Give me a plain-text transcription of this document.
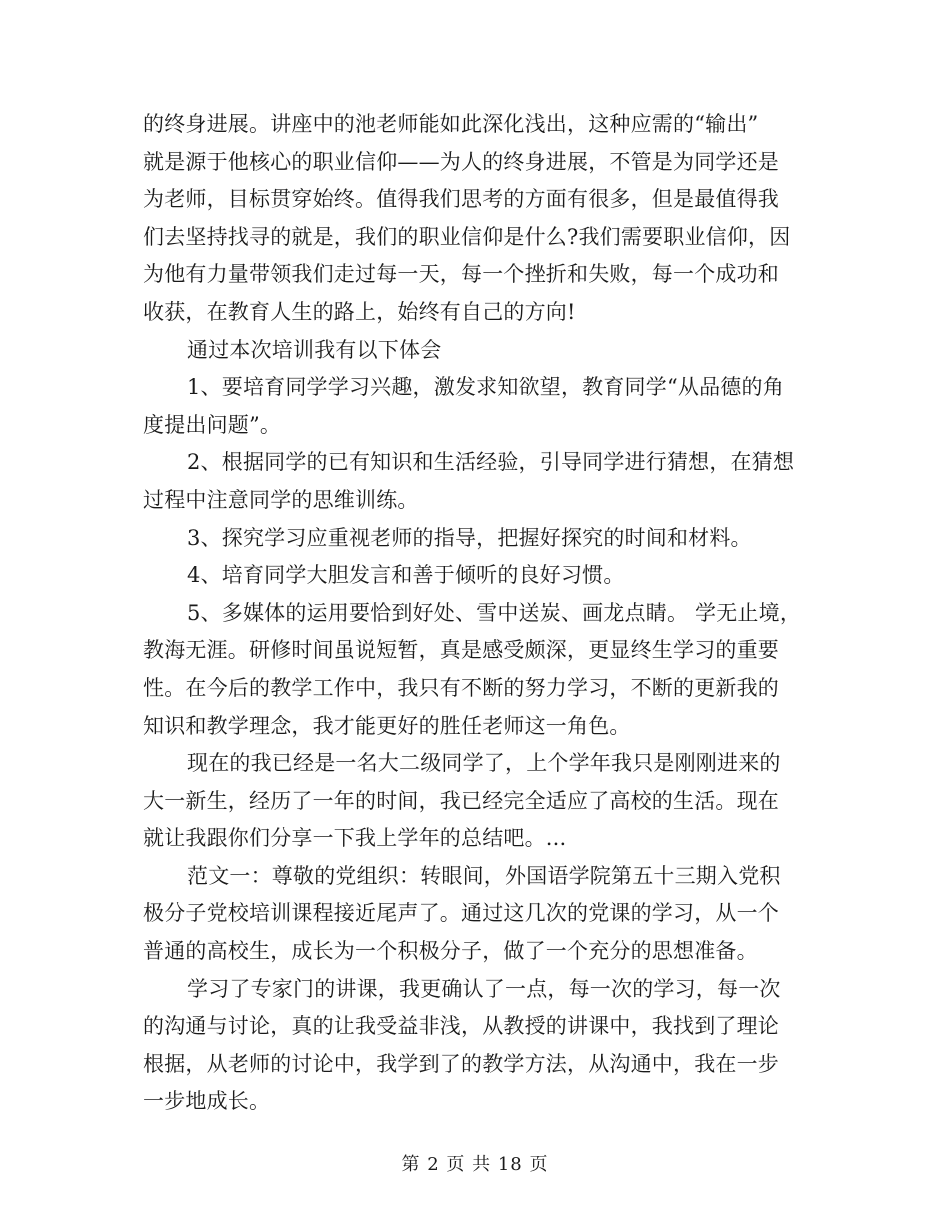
的终身进展。讲座中的池老师能如此深化浅出，这种应需的“输出”
就是源于他核心的职业信仰——为人的终身进展，不管是为同学还是
为老师，目标贯穿始终。值得我们思考的方面有很多，但是最值得我
们去坚持找寻的就是，我们的职业信仰是什么?我们需要职业信仰，因
为他有力量带领我们走过每一天，每一个挫折和失败，每一个成功和
收获，在教育人生的路上，始终有自己的方向!
通过本次培训我有以下体会
1、要培育同学学习兴趣，激发求知欲望，教育同学“从品德的角
度提出问题”。
2、根据同学的已有知识和生活经验，引导同学进行猜想，在猜想
过程中注意同学的思维训练。
3、探究学习应重视老师的指导，把握好探究的时间和材料。
4、培育同学大胆发言和善于倾听的良好习惯。
5、多媒体的运用要恰到好处、雪中送炭、画龙点睛。 学无止境，
教海无涯。研修时间虽说短暂，真是感受颇深，更显终生学习的重要
性。在今后的教学工作中，我只有不断的努力学习，不断的更新我的
知识和教学理念，我才能更好的胜任老师这一角色。
现在的我已经是一名大二级同学了，上个学年我只是刚刚进来的
大一新生，经历了一年的时间，我已经完全适应了高校的生活。现在
就让我跟你们分享一下我上学年的总结吧。...
范文一：尊敬的党组织：转眼间，外国语学院第五十三期入党积
极分子党校培训课程接近尾声了。通过这几次的党课的学习，从一个
普通的高校生，成长为一个积极分子，做了一个充分的思想准备。
学习了专家门的讲课，我更确认了一点，每一次的学习，每一次
的沟通与讨论，真的让我受益非浅，从教授的讲课中，我找到了理论
根据，从老师的讨论中，我学到了的教学方法，从沟通中，我在一步
一步地成长。
第 2 页 共 18 页
